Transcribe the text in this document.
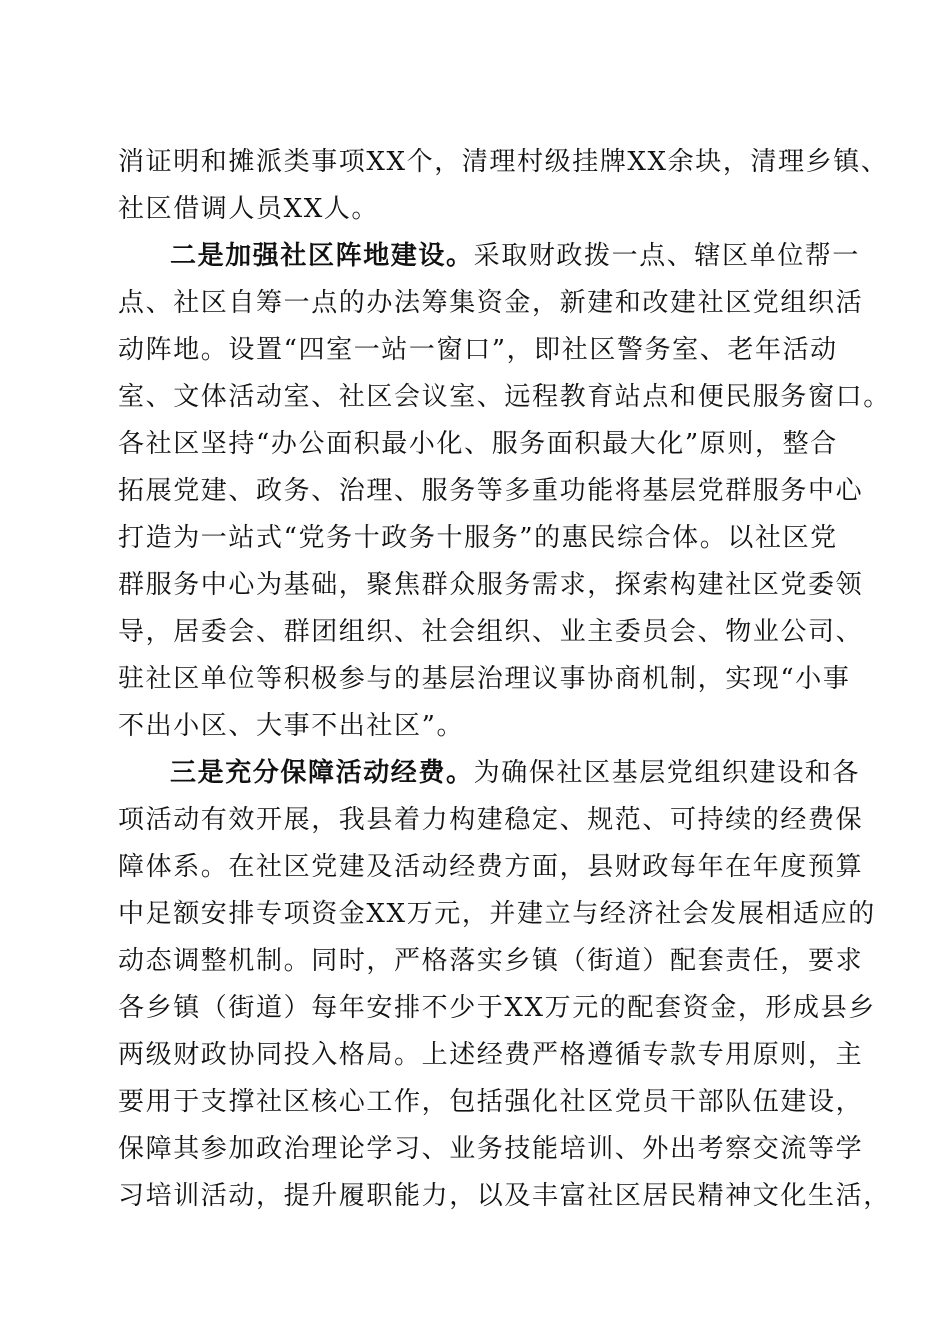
消证明和摊派类事项XX个，清理村级挂牌XX余块，清理乡镇、
社区借调人员XX人。
二是加强社区阵地建设。采取财政拨一点、辖区单位帮一
点、社区自筹一点的办法筹集资金，新建和改建社区党组织活
动阵地。设置“四室一站一窗口”，即社区警务室、老年活动
室、文体活动室、社区会议室、远程教育站点和便民服务窗口。
各社区坚持“办公面积最小化、服务面积最大化”原则，整合
拓展党建、政务、治理、服务等多重功能将基层党群服务中心
打造为一站式“党务十政务十服务”的惠民综合体。以社区党
群服务中心为基础，聚焦群众服务需求，探索构建社区党委领
导，居委会、群团组织、社会组织、业主委员会、物业公司、
驻社区单位等积极参与的基层治理议事协商机制，实现“小事
不出小区、大事不出社区”。
三是充分保障活动经费。为确保社区基层党组织建设和各
项活动有效开展，我县着力构建稳定、规范、可持续的经费保
障体系。在社区党建及活动经费方面，县财政每年在年度预算
中足额安排专项资金XX万元，并建立与经济社会发展相适应的
动态调整机制。同时，严格落实乡镇（街道）配套责任，要求
各乡镇（街道）每年安排不少于XX万元的配套资金，形成县乡
两级财政协同投入格局。上述经费严格遵循专款专用原则，主
要用于支撑社区核心工作，包括强化社区党员干部队伍建设，
保障其参加政治理论学习、业务技能培训、外出考察交流等学
习培训活动，提升履职能力，以及丰富社区居民精神文化生活，
